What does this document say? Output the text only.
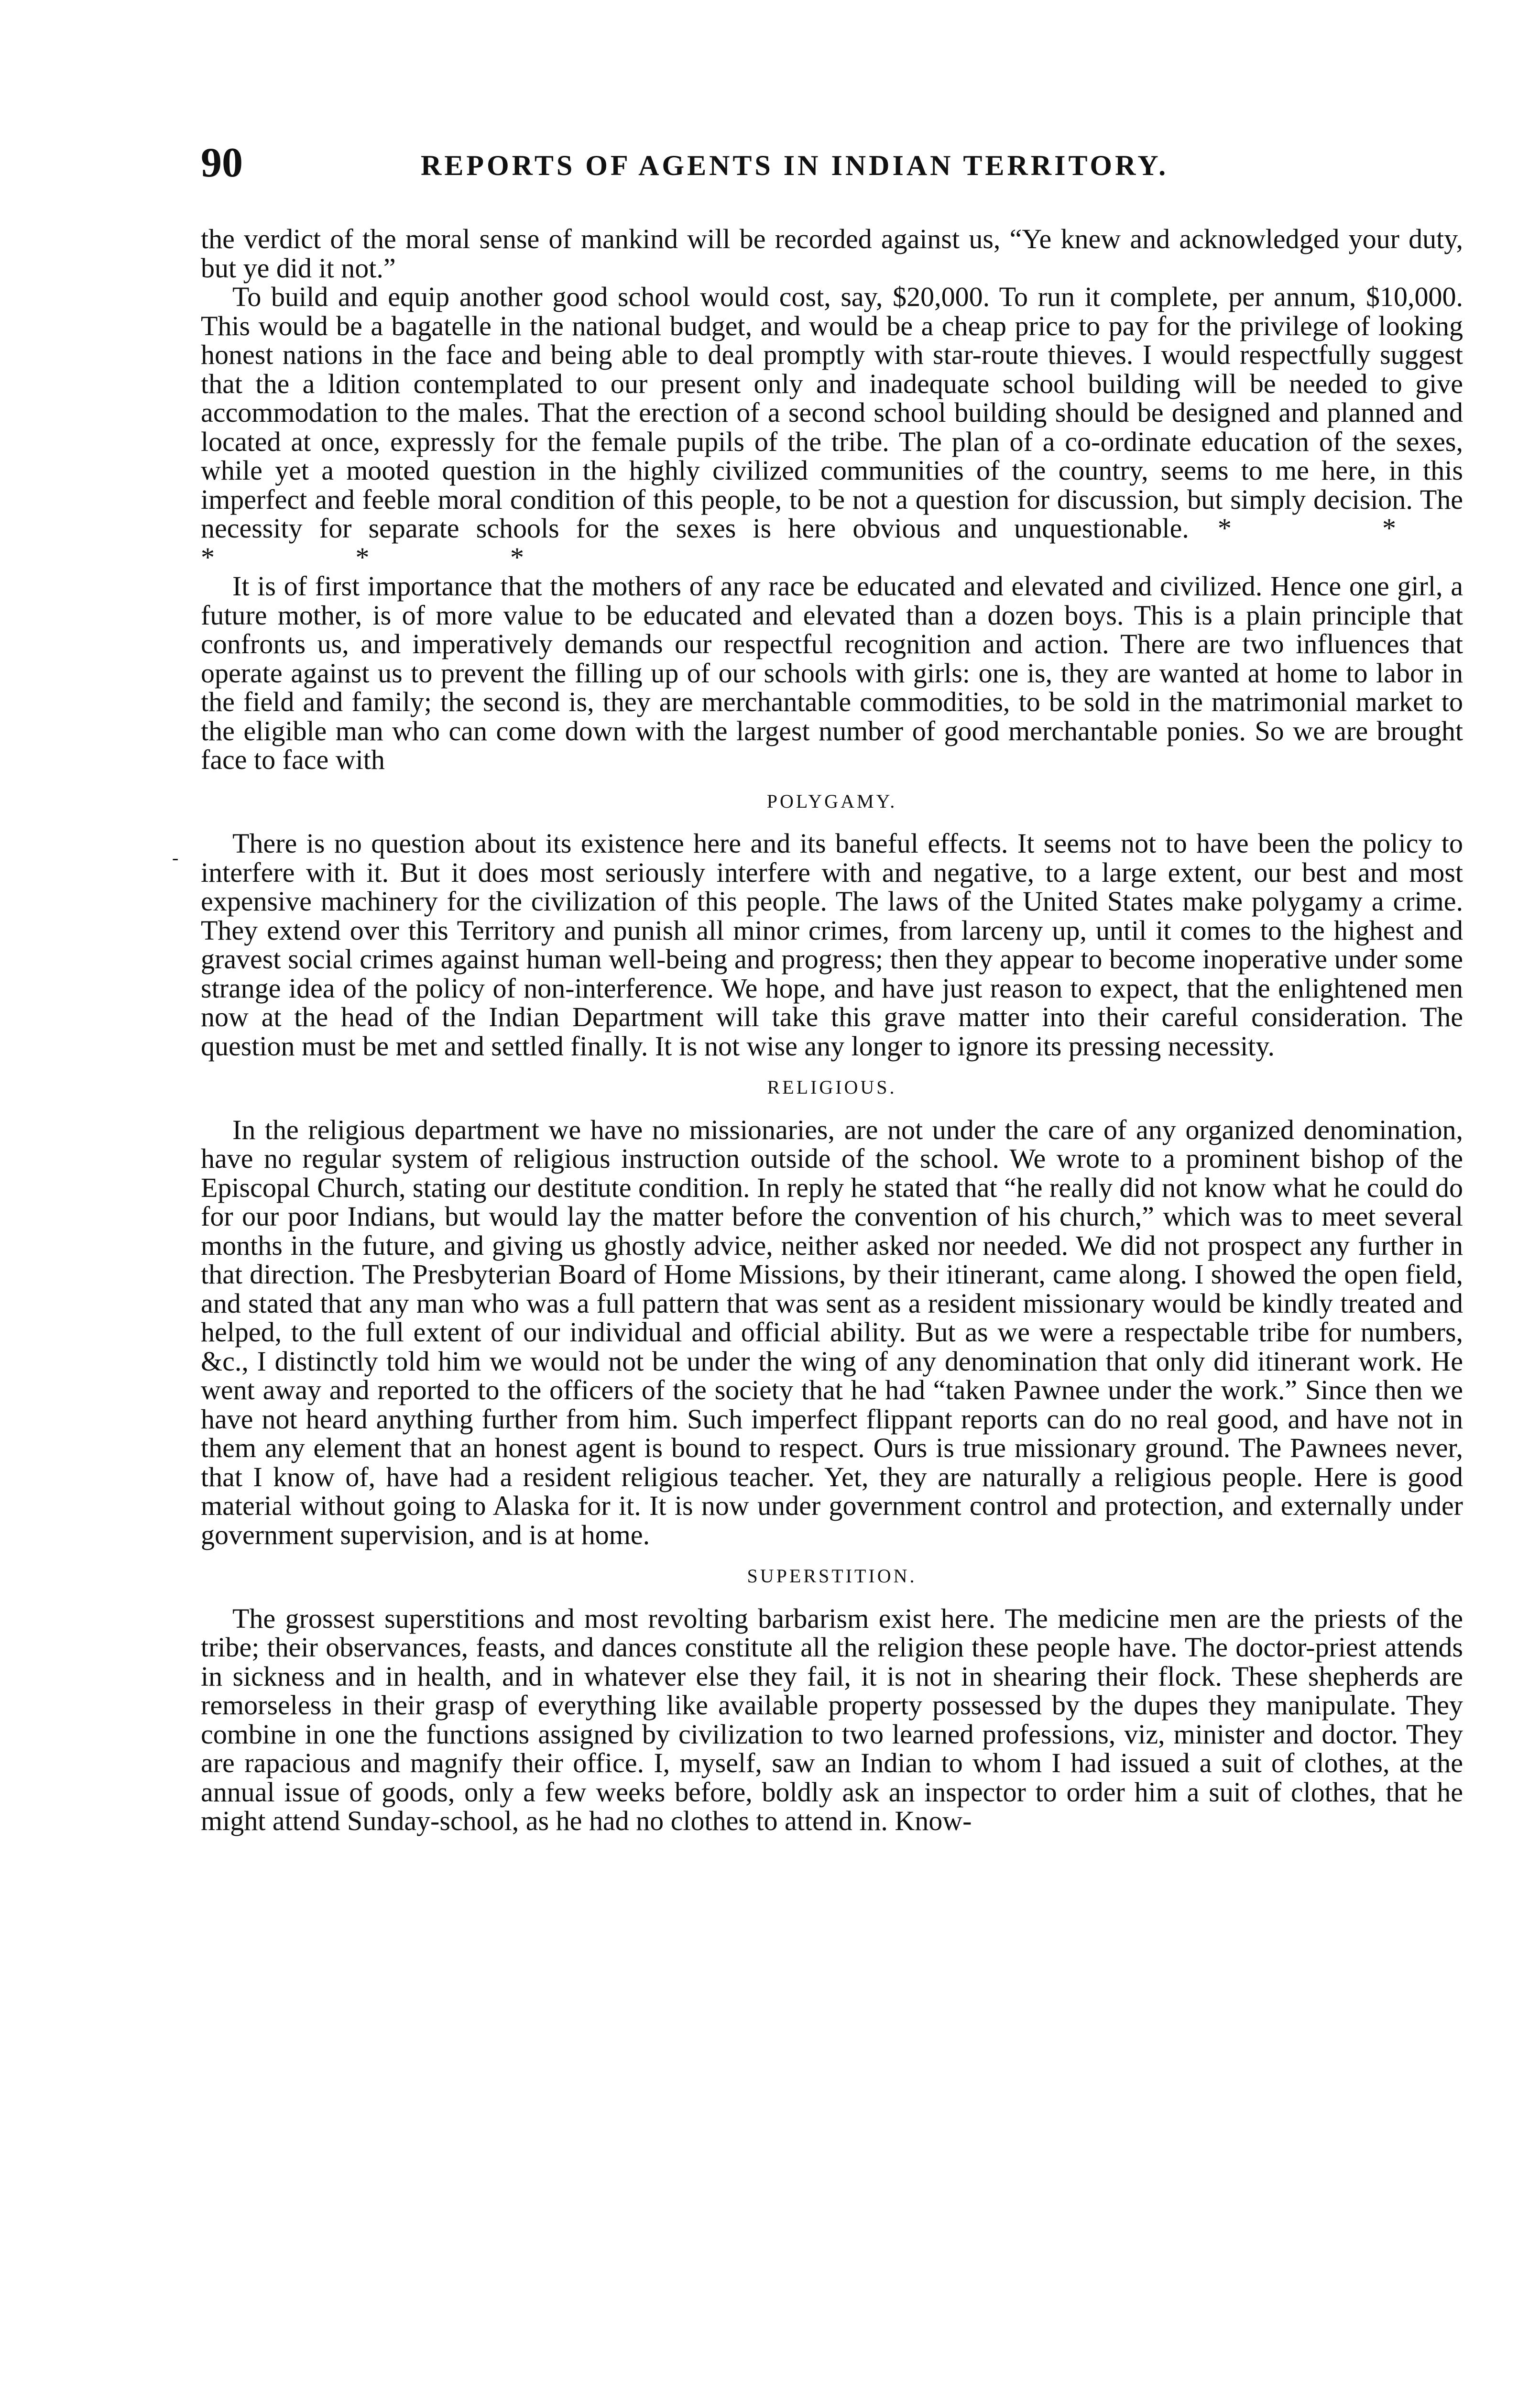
90	REPORTS OF AGENTS IN INDIAN TERRITORY.
-

the verdict of the moral sense of mankind will be recorded against us, “Ye knew and acknowledged your duty, but ye did it not.”

To build and equip another good school would cost, say, $20,000. To run it complete, per annum, $10,000. This would be a bagatelle in the national budget, and would be a cheap price to pay for the privilege of looking honest nations in the face and being able to deal promptly with star-route thieves. I would respectfully suggest that the a ldition contemplated to our present only and inadequate school building will be needed to give accommodation to the males. That the erection of a second school building should be designed and planned and located at once, expressly for the female pupils of the tribe. The plan of a co-ordinate education of the sexes, while yet a mooted question in the highly civilized communities of the country, seems to me here, in this imperfect and feeble moral condition of this people, to be not a question for discussion, but simply decision. The necessity for separate schools for the sexes is here obvious and unquestionable. * * * * *

It is of first importance that the mothers of any race be educated and elevated and civilized. Hence one girl, a future mother, is of more value to be educated and elevated than a dozen boys. This is a plain principle that confronts us, and imperatively demands our respectful recognition and action. There are two influences that operate against us to prevent the filling up of our schools with girls: one is, they are wanted at home to labor in the field and family; the second is, they are merchantable commodities, to be sold in the matrimonial market to the eligible man who can come down with the largest number of good merchantable ponies. So we are brought face to face with

POLYGAMY.

There is no question about its existence here and its baneful effects. It seems not to have been the policy to interfere with it. But it does most seriously interfere with and negative, to a large extent, our best and most expensive machinery for the civilization of this people. The laws of the United States make polygamy a crime. They extend over this Territory and punish all minor crimes, from larceny up, until it comes to the highest and gravest social crimes against human well-being and progress; then they appear to become inoperative under some strange idea of the policy of non-interference. We hope, and have just reason to expect, that the enlightened men now at the head of the Indian Department will take this grave matter into their careful consideration. The question must be met and settled finally. It is not wise any longer to ignore its pressing necessity.

RELIGIOUS.

In the religious department we have no missionaries, are not under the care of any organized denomination, have no regular system of religious instruction outside of the school. We wrote to a prominent bishop of the Episcopal Church, stating our destitute condition. In reply he stated that “he really did not know what he could do for our poor Indians, but would lay the matter before the convention of his church,” which was to meet several months in the future, and giving us ghostly advice, neither asked nor needed. We did not prospect any further in that direction. The Presbyterian Board of Home Missions, by their itinerant, came along. I showed the open field, and stated that any man who was a full pattern that was sent as a resident missionary would be kindly treated and helped, to the full extent of our individual and official ability. But as we were a respectable tribe for numbers, &c., I distinctly told him we would not be under the wing of any denomination that only did itinerant work. He went away and reported to the officers of the society that he had “taken Pawnee under the work.” Since then we have not heard anything further from him. Such imperfect flippant reports can do no real good, and have not in them any element that an honest agent is bound to respect. Ours is true missionary ground. The Pawnees never, that I know of, have had a resident religious teacher. Yet, they are naturally a religious people. Here is good material without going to Alaska for it. It is now under government control and protection, and externally under government supervision, and is at home.

SUPERSTITION.

The grossest superstitions and most revolting barbarism exist here. The medicine men are the priests of the tribe; their observances, feasts, and dances constitute all the religion these people have. The doctor-priest attends in sickness and in health, and in whatever else they fail, it is not in shearing their flock. These shepherds are remorseless in their grasp of everything like available property possessed by the dupes they manipulate. They combine in one the functions assigned by civilization to two learned professions, viz, minister and doctor. They are rapacious and magnify their office. I, myself, saw an Indian to whom I had issued a suit of clothes, at the annual issue of goods, only a few weeks before, boldly ask an inspector to order him a suit of clothes, that he might attend Sunday-school, as he had no clothes to attend in. Know-
